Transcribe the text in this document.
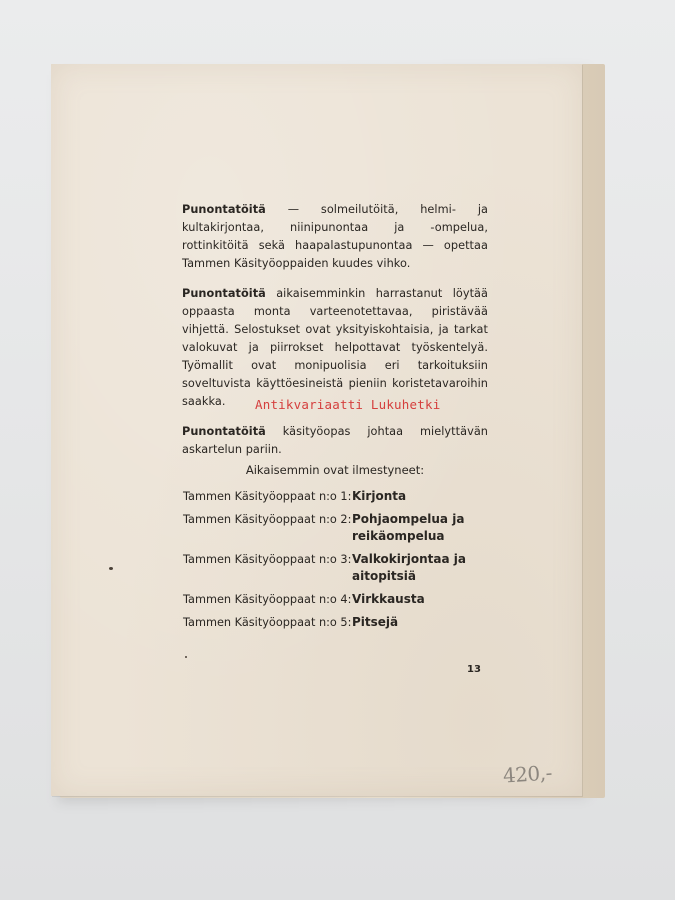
Punontatöitä — solmeilutöitä, helmi- ja kultakirjontaa, niinipunontaa ja -ompelua, rottinkitöitä sekä haapalastupunontaa — opettaa Tammen Käsityöoppaiden kuudes vihko.

Punontatöitä aikaisemminkin harrastanut löytää oppaasta monta varteenotettavaa, piristävää vihjettä. Selostukset ovat yksityiskohtaisia, ja tarkat valokuvat ja piirrokset helpottavat työskentelyä. Työmallit ovat monipuolisia eri tarkoituksiin soveltuvista käyttöesineistä pieniin koristetavaroihin saakka.

Punontatöitä käsityöopas johtaa mielyttävän askartelun pariin.

Antikvariaatti Lukuhetki
Aikaisemmin ovat ilmestyneet:
Tammen Käsityöoppaat n:o 1: Kirjonta
Tammen Käsityöoppaat n:o 2: Pohjaompelua ja reikäompelua
Tammen Käsityöoppaat n:o 3: Valkokirjontaa ja aitopitsiä
Tammen Käsityöoppaat n:o 4: Virkkausta
Tammen Käsityöoppaat n:o 5: Pitsejä
13
420,-
